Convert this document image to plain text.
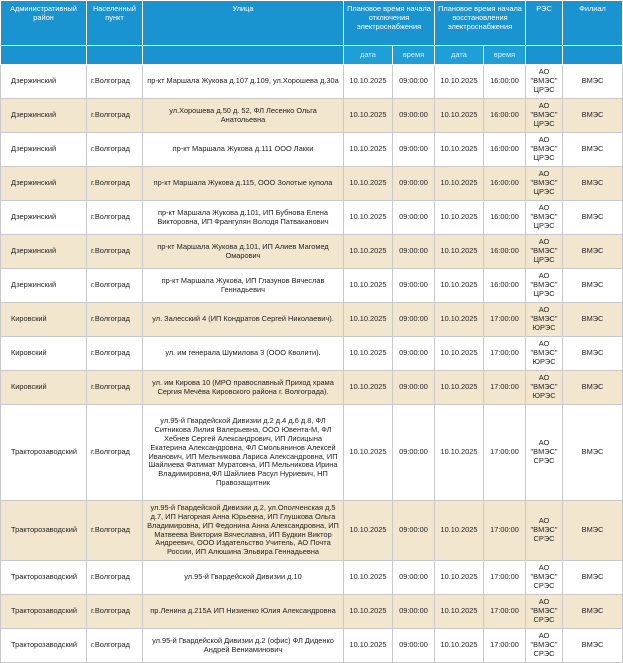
Административный район	Населенный пункт	Улица	Плановое время начала отключения электроснабжения		Плановое время начала восстановления электроснабжения		РЭС	Филиал
			дата	время	дата	время		
Дзержинский	г.Волгоград	пр-кт Маршала Жукова д.107 д.109, ул.Хорошева д.30а	10.10.2025	09:00:00	10.10.2025	16:00:00	АО "ВМЭС" ЦРЭС	ВМЭС
Дзержинский	г.Волгоград	ул.Хорошева д.50 д. 52, ФЛ Лесенко Ольга Анатольевна	10.10.2025	09:00:00	10.10.2025	16:00:00	АО "ВМЭС" ЦРЭС	ВМЭС
Дзержинский	г.Волгоград	пр-кт Маршала Жукова д.111 ООО Лакки	10.10.2025	09:00:00	10.10.2025	16:00:00	АО "ВМЭС" ЦРЭС	ВМЭС
Дзержинский	г.Волгоград	пр-кт Маршала Жукова д.115, ООО Золотые купола	10.10.2025	09:00:00	10.10.2025	16:00:00	АО "ВМЭС" ЦРЭС	ВМЭС
Дзержинский	г.Волгоград	пр-кт Маршала Жукова д.101, ИП Бубнова Елена Викторовна, ИП Франгулян Володя Патваканович	10.10.2025	09:00:00	10.10.2025	16:00:00	АО "ВМЭС" ЦРЭС	ВМЭС
Дзержинский	г.Волгоград	пр-кт Маршала Жукова д.101, ИП Алиев Магомед Омарович	10.10.2025	09:00:00	10.10.2025	16:00:00	АО "ВМЭС" ЦРЭС	ВМЭС
Дзержинский	г.Волгоград	пр-кт Маршала Жукова, ИП Глазунов Вячеслав Геннадьевич	10.10.2025	09:00:00	10.10.2025	16:00:00	АО "ВМЭС" ЦРЭС	ВМЭС
Кировский	г.Волгоград	ул. Залесский 4 (ИП Кондратов Сергей Николаевич).	10.10.2025	09:00:00	10.10.2025	17:00:00	АО "ВМЭС" ЮРЭС	ВМЭС
Кировский	г.Волгоград	ул. им генерала Шумилова 3 (ООО Кволити).	10.10.2025	09:00:00	10.10.2025	17:00:00	АО "ВМЭС" ЮРЭС	ВМЭС
Кировский	г.Волгоград	ул. им Кирова 10 (МРО православный Приход храма Сергия Мечёва Кировского района г. Волгограда).	10.10.2025	09:00:00	10.10.2025	17:00:00	АО "ВМЭС" ЮРЭС	ВМЭС
Тракторозаводский	г.Волгоград	ул.95-й Гвардейской Дивизии д.2 д.4 д.6 д.8, ФЛ Ситникова Лилия Валерьевна, ООО Ювента-М, ФЛ Хебнев Сергей Александрович, ИП Лисицына Екатерина Александровна, ФЛ Смольянинов Алексей Иванович, ИП Мельникова Лариса Александровна, ИП Шайлиева Фатимат Муратовна, ИП Мельникова Ирина Владимировна,ФЛ Шайлиев Расул Нуриевич, НП Правозащитник	10.10.2025	09:00:00	10.10.2025	17:00:00	АО "ВМЭС" СРЭС	ВМЭС
Тракторозаводский	г.Волгоград	ул.95-й Гвардейской Дивизии д.2, ул.Ополченская д.5 д.7, ИП Нагорная Анна Юрьевна, ИП Глушкова Ольга Владимировна, ИП Федонина Анна Александровна, ИП Матвеева Виктория Вячеславна, ИП Будкин Виктор Андреевич, ООО Издательство Учитель, АО Почта России, ИП Алюшина Эльвира Геннадьевна	10.10.2025	09:00:00	10.10.2025	17:00:00	АО "ВМЭС" СРЭС	ВМЭС
Тракторозаводский	г.Волгоград	ул.95-й Гвардейской Дивизии д.10	10.10.2025	09:00:00	10.10.2025	17:00:00	АО "ВМЭС" СРЭС	ВМЭС
Тракторозаводский	г.Волгоград	пр.Ленина д.215А ИП Низиенко Юлия Александровна	10.10.2025	09:00:00	10.10.2025	17:00:00	АО "ВМЭС" СРЭС	ВМЭС
Тракторозаводский	г.Волгоград	ул.95-й Гвардейской Дивизии д.2 (офис) ФЛ Диденко Андрей Вениаминович	10.10.2025	09:00:00	10.10.2025	17:00:00	АО "ВМЭС" СРЭС	ВМЭС
